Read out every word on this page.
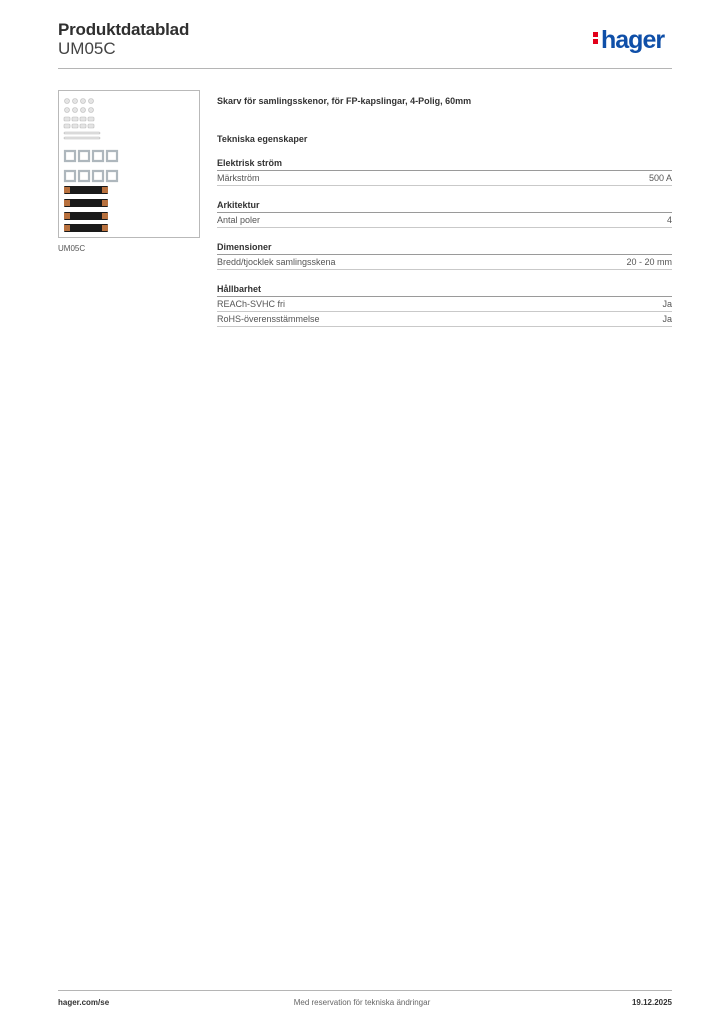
Produktdatablad
UM05C	hager
UM05C

Skarv för samlingsskenor, för FP-kapslingar, 4-Polig, 60mm

Tekniska egenskaper
Elektrisk ström
Märkström	500 A
Arkitektur
Antal poler	4
Dimensioner
Bredd/tjocklek samlingsskena	20 - 20 mm
Hållbarhet
REACh-SVHC fri	Ja
RoHS-överensstämmelse	Ja
hager.com/se	Med reservation för tekniska ändringar	19.12.2025
